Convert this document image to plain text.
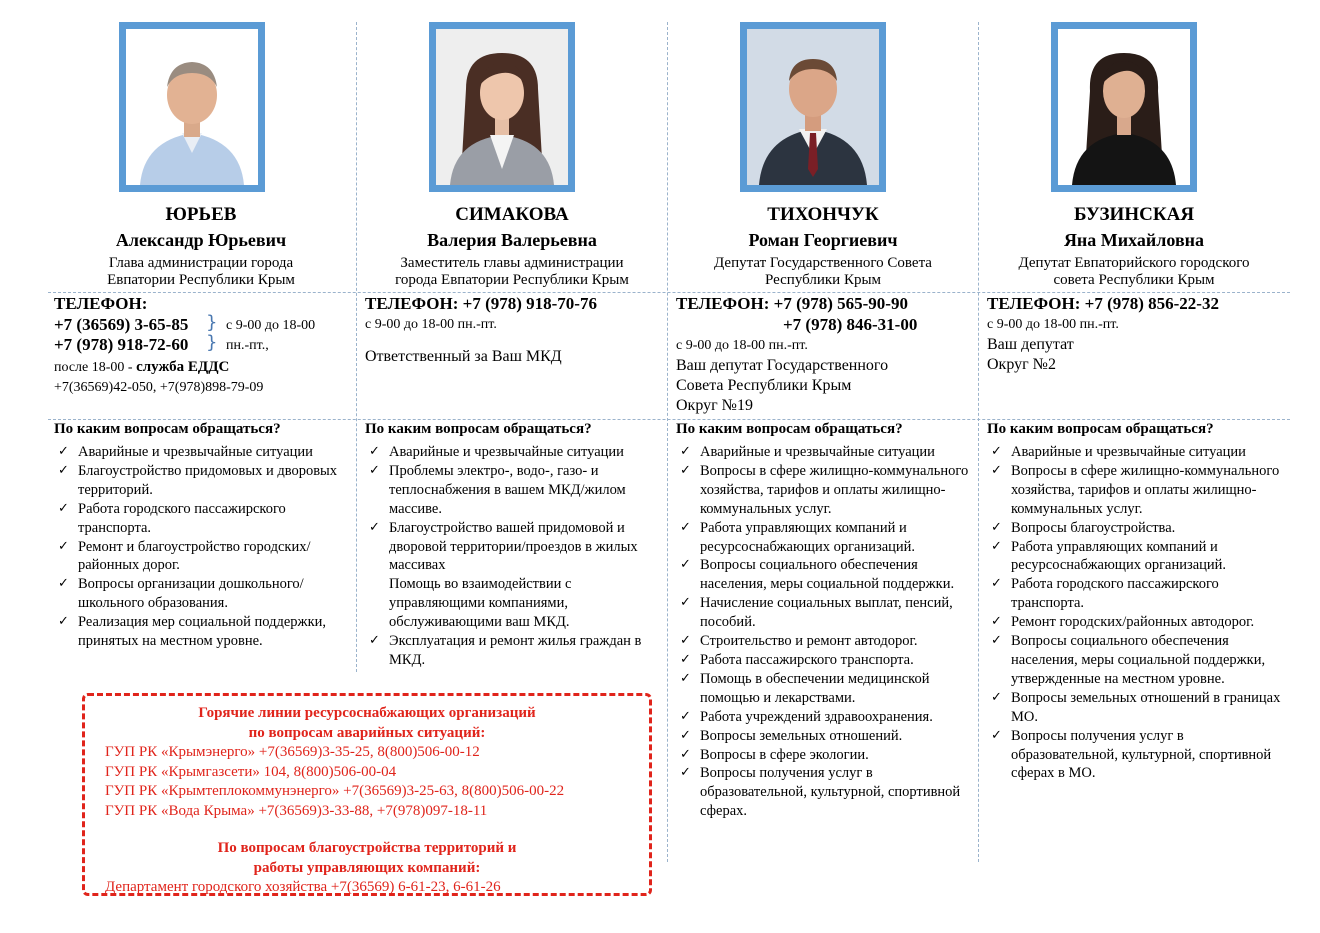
ЮРЬЕВ
Александр Юрьевич
Глава администрации города
Евпатории Республики Крым
ТЕЛЕФОН:
+7 (36569) 3-65-85
+7 (978) 918-72-60
}
}
с 9-00 до 18-00
пн.-пт.,
после 18-00 - служба ЕДДС
+7(36569)42-050, +7(978)898-79-09
По каким вопросам обращаться?
✓ Аварийные и чрезвычайные ситуации
✓ Благоустройство придомовых и дворовых территорий.
✓ Работа городского пассажирского транспорта.
✓ Ремонт и благоустройство городских/районных дорог.
✓ Вопросы организации дошкольного/школьного образования.
✓ Реализация мер социальной поддержки, принятых на местном уровне.
СИМАКОВА
Валерия Валерьевна
Заместитель главы администрации
города Евпатории Республики Крым
ТЕЛЕФОН: +7 (978) 918-70-76
с 9-00 до 18-00 пн.-пт.
Ответственный за Ваш МКД
По каким вопросам обращаться?
✓ Аварийные и чрезвычайные ситуации
✓ Проблемы электро-, водо-, газо- и теплоснабжения в вашем МКД/жилом массиве.
✓ Благоустройство вашей придомовой и дворовой территории/проездов в жилых массивах
Помощь во взаимодействии с управляющими компаниями, обслуживающими ваш МКД.
✓ Эксплуатация и ремонт жилья граждан в МКД.
ТИХОНЧУК
Роман Георгиевич
Депутат Государственного Совета
Республики Крым
ТЕЛЕФОН: +7 (978) 565-90-90
+7 (978) 846-31-00
с 9-00 до 18-00 пн.-пт.
Ваш депутат Государственного
Совета Республики Крым
Округ №19
По каким вопросам обращаться?
✓ Аварийные и чрезвычайные ситуации
✓ Вопросы в сфере жилищно-коммунального хозяйства, тарифов и оплаты жилищно-коммунальных услуг.
✓ Работа управляющих компаний и ресурсоснабжающих организаций.
✓ Вопросы социального обеспечения населения, меры социальной поддержки.
✓ Начисление социальных выплат, пенсий, пособий.
✓ Строительство и ремонт автодорог.
✓ Работа пассажирского транспорта.
✓ Помощь в обеспечении медицинской помощью и лекарствами.
✓ Работа учреждений здравоохранения.
✓ Вопросы земельных отношений.
✓ Вопросы в сфере экологии.
✓ Вопросы получения услуг в образовательной, культурной, спортивной сферах.
БУЗИНСКАЯ
Яна Михайловна
Депутат Евпаторийского городского
совета Республики Крым
ТЕЛЕФОН: +7 (978) 856-22-32
с 9-00 до 18-00 пн.-пт.
Ваш депутат
Округ №2
По каким вопросам обращаться?
✓ Аварийные и чрезвычайные ситуации
✓ Вопросы в сфере жилищно-коммунального хозяйства, тарифов и оплаты жилищно-коммунальных услуг.
✓ Вопросы благоустройства.
✓ Работа управляющих компаний и ресурсоснабжающих организаций.
✓ Работа городского пассажирского транспорта.
✓ Ремонт городских/районных автодорог.
✓ Вопросы социального обеспечения населения, меры социальной поддержки, утвержденные на местном уровне.
✓ Вопросы земельных отношений в границах МО.
✓ Вопросы получения услуг в образовательной, культурной, спортивной сферах в МО.
Горячие линии ресурсоснабжающих организаций
по вопросам аварийных ситуаций:
ГУП РК «Крымэнерго» +7(36569)3-35-25, 8(800)506-00-12
ГУП РК «Крымгазсети» 104, 8(800)506-00-04
ГУП РК «Крымтеплокоммунэнерго» +7(36569)3-25-63, 8(800)506-00-22
ГУП РК «Вода Крыма» +7(36569)3-33-88, +7(978)097-18-11
По вопросам благоустройства территорий и
работы управляющих компаний:
Департамент городского хозяйства +7(36569) 6-61-23, 6-61-26
